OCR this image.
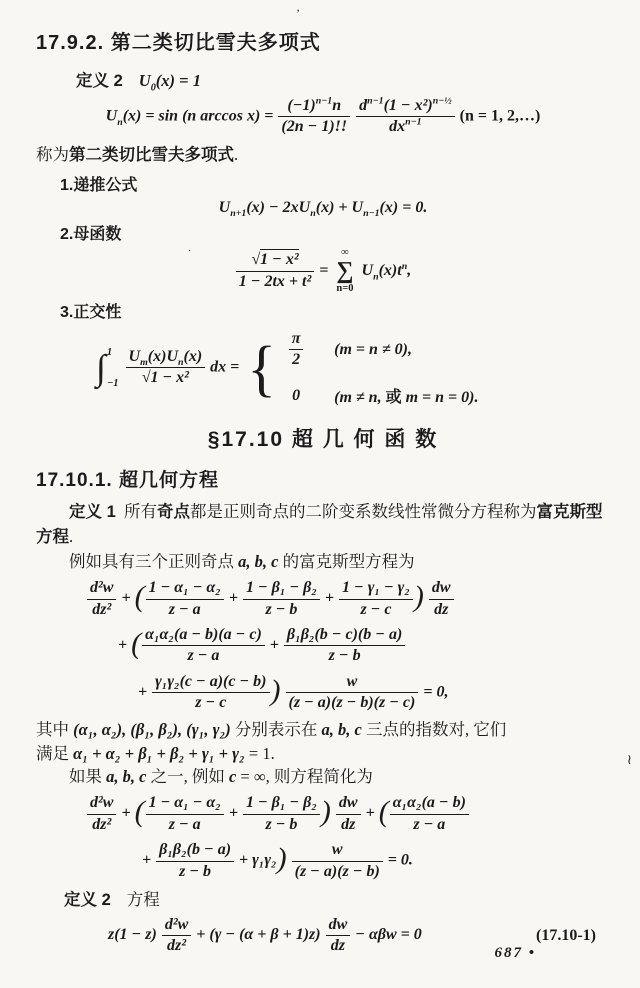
’
≀
·
17.9.2. 第二类切比雪夫多项式
定义 2 $U_0(x) = 1$
$U_n(x) = \sin (n$ $\arccos x) = \frac{(-1)^{n-1}n}{(2n - 1)!!}$
$d^{n-1}(1 - x^2)^{n-\frac{1}{2}}$
$dx^{n-1}$	(n = 1, 2,…)

称为第二类切比雪夫多项式.

1.递推公式
$U_{n+1}(x) - 2xU_n(x) + U_{n-1}(x) = 0$.
2.母函数
$\frac{\text{√1 − x²}}{\text{1 − 2tx + t²}}$ =
∞
∑
n=0
$U_n(x)t^n$,
3.正交性
∫ 1
$-1 \frac{U_m(x)U_n(x)}{\text{√1 − x²}}$ dx = { $\frac{\pi}{2} (m = n \ne 0)$,
0	(m ≠ n, 或 m = n = 0).
§17.10 超 几 何 函 数
17.10.1. 超几何方程

定义 1 所有奇点都是正则奇点的二阶变系数线性常微分方程称为富克斯型方程.

例如具有三个正则奇点 a, b, c 的富克斯型方程为

$\frac{\text{d²w}}{\text{dz²}}$ + ( $\frac{\text{1 − α₁ − α₂}}{z - a} + \frac{\text{1 − β₁ − β₂}}{z - b} + \frac{\text{1 − γ₁ − γ₂}}{z - c}$ ) $\frac{dw}{dz}$
+ ( $\frac{\text{α₁α₂(a − b)(a − c)}}{z - a} + \frac{\text{β₁β₂(b − c)(b − a)}}{z - b}$
+ $\frac{\text{γ₁γ₂(c − a)(c − b)}}{z - c}$ ) $\frac{w}{(z - a)(z - b)(z - c)} = 0$,

其中 (α₁, α₂), (β₁, β₂), (γ₁, γ₂) 分别表示在 a, b, c 三点的指数对, 它们
满足 α₁ + α₂ + β₁ + β₂ + γ₁ + γ₂ = 1.

如果 a, b, c 之一, 例如 c = ∞, 则方程简化为

$\frac{\text{d²w}}{\text{dz²}}$ + ( $\frac{\text{1 − α₁ − α₂}}{z - a} + \frac{\text{1 − β₁ − β₂}}{z - b}$ ) $\frac{dw}{dz}$ + ( $\frac{\text{α₁α₂(a − b)}}{z - a}$
+ $\frac{\text{β₁β₂(b − a)}}{z - b} + \gamma_1\gamma_2) \frac{w}{(z - a)(z - b)} = 0$.
定义 2 方程
$z(1 - z) \frac{\text{d²w}}{\text{dz²}} + (\gamma - (\alpha + \beta + 1)z) \frac{dw}{dz} - \alpha\beta w = 0$	(17.10-1)
687 •
